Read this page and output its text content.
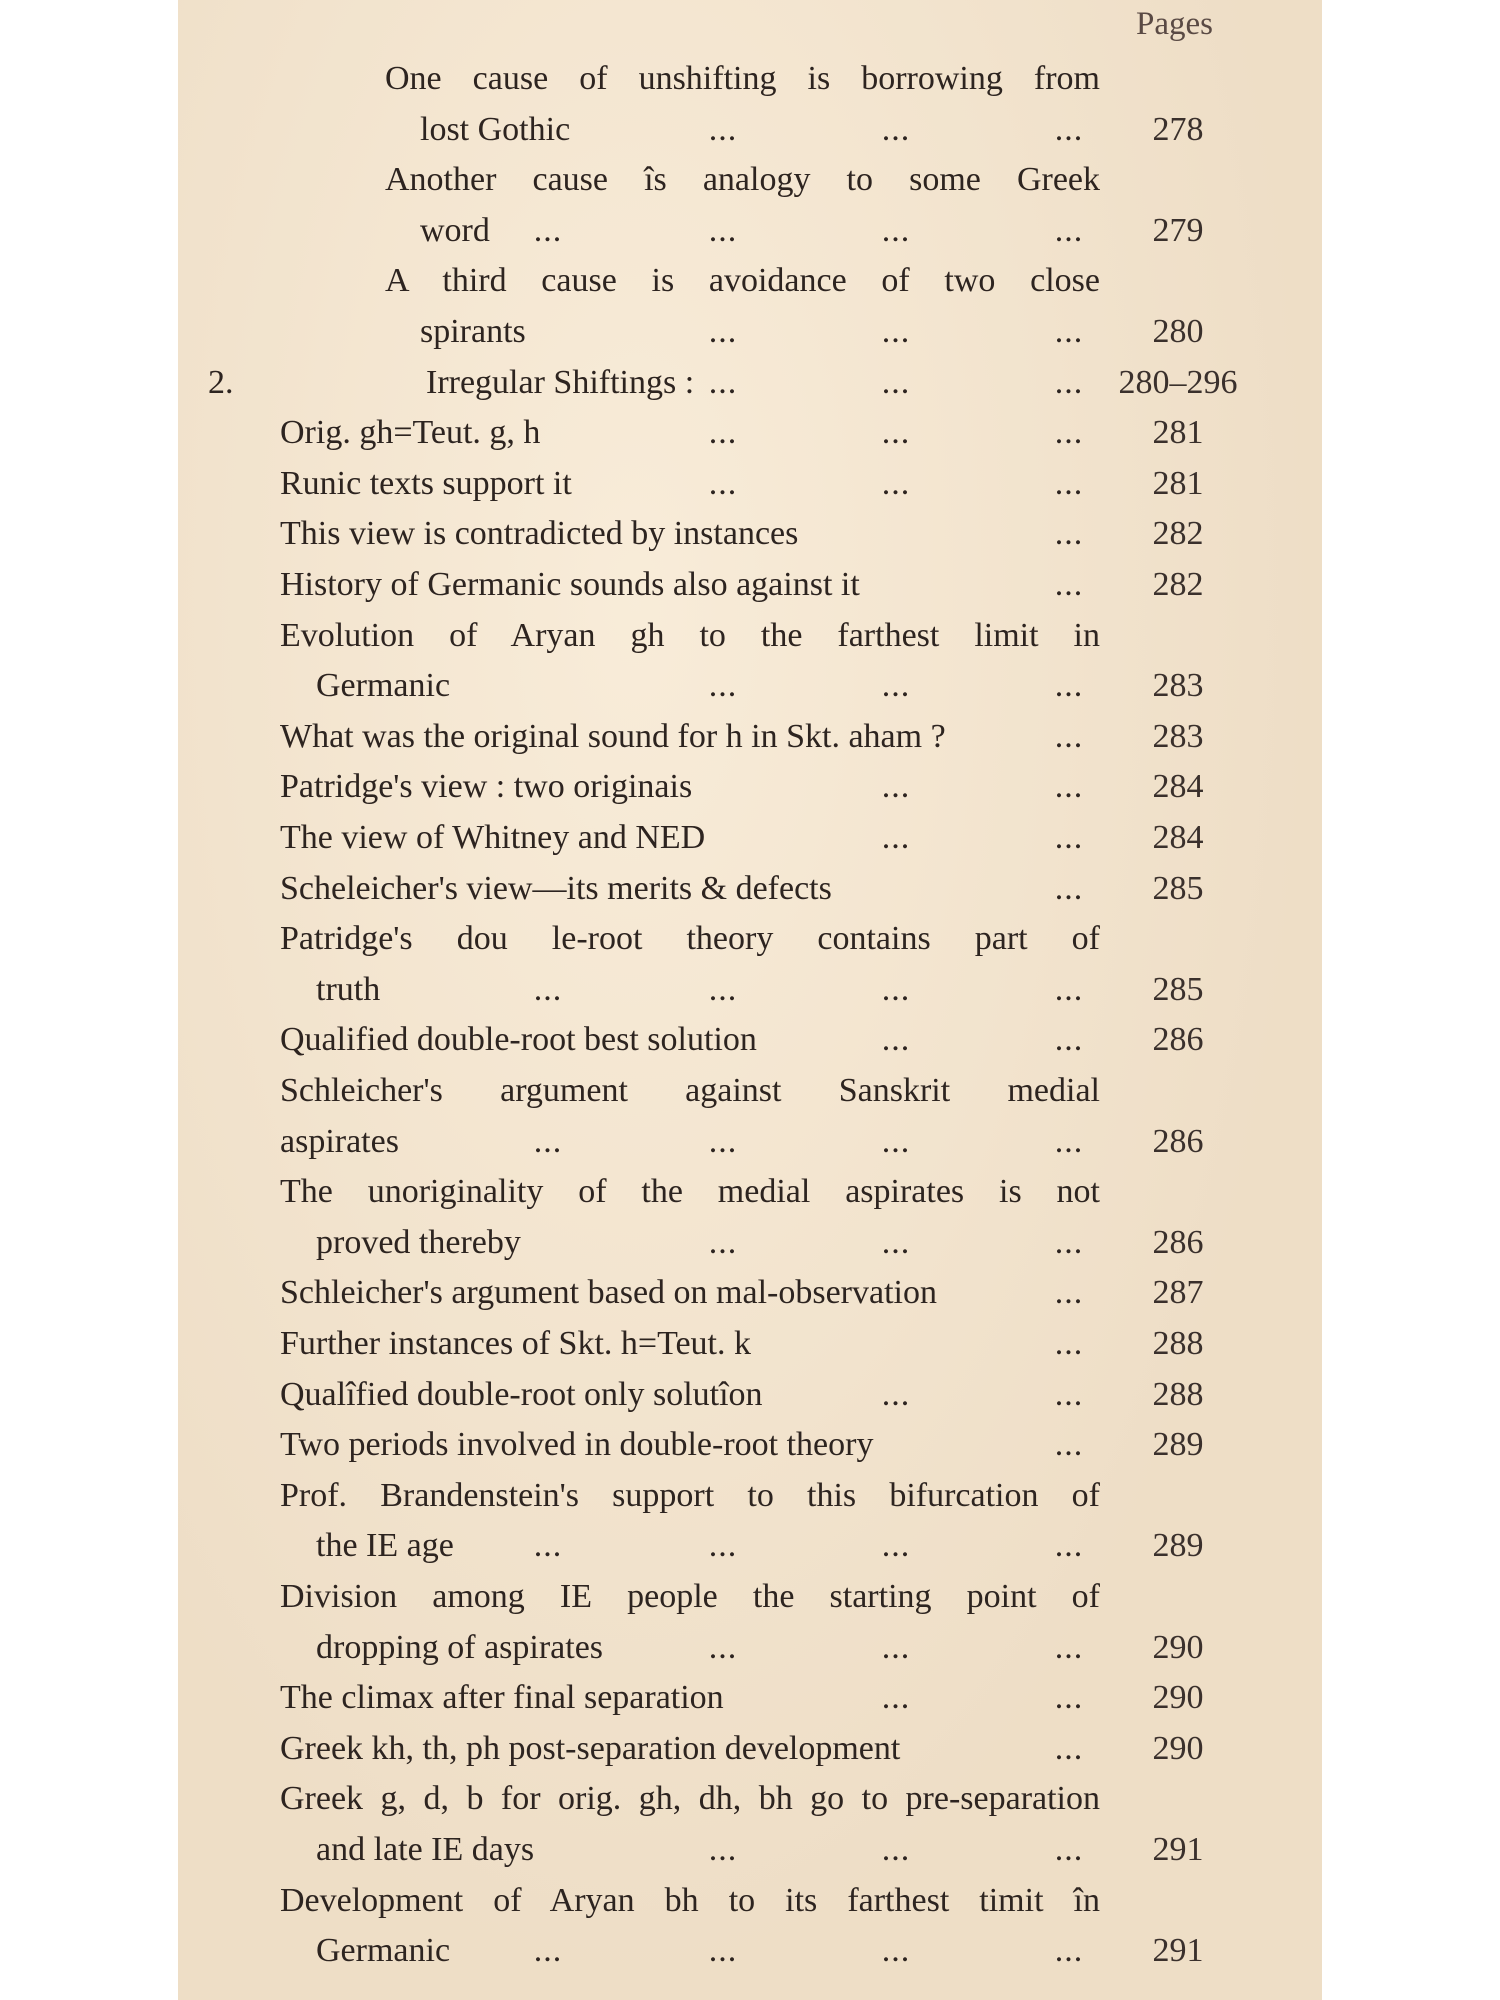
Pages
One cause of unshifting is borrowing from
lost Gothic	...	...	...	278
Another cause îs analogy to some Greek
word ...	...	...	...	279
A third cause is avoidance of two close
spirants	...	...	...	280
2.	Irregular Shiftings : ...	...	... 280–296
Orig. gh=Teut. g, h	...	...	...	281
Runic texts support it	...	...	...	281
This view is contradicted by instances	...	282
History of Germanic sounds also against it	...	282
Evolution of Aryan gh to the farthest limit in
Germanic	...	...	...	283
What was the original sound for h in Skt. aham ?	...	283
Patridge's view : two originais	...	...	284
The view of Whitney and NED	...	...	284
Scheleicher's view—its merits & defects	...	285
Patridge's dou le-root theory contains part of
truth	...	...	...	...	285
Qualified double-root best solution	...	...	286
Schleicher's argument against Sanskrit medial
aspirates	...	...	...	...	286
The unoriginality of the medial aspirates is not
proved thereby	...	...	...	286
Schleicher's argument based on mal-observation	...	287
Further instances of Skt. h=Teut. k	...	288
Qualîfied double-root only solutîon	...	...	288
Two periods involved in double-root theory	...	289
Prof. Brandenstein's support to this bifurcation of
the IE age ...	...	...	...	289
Division among IE people the starting point of
dropping of aspirates	...	...	...	290
The climax after final separation	...	...	290
Greek kh, th, ph post-separation development	...	290
Greek g, d, b for orig. gh, dh, bh go to pre-separation
and late IE days	...	...	...	291
Development of Aryan bh to its farthest timit în
Germanic ...	...	...	...	291
